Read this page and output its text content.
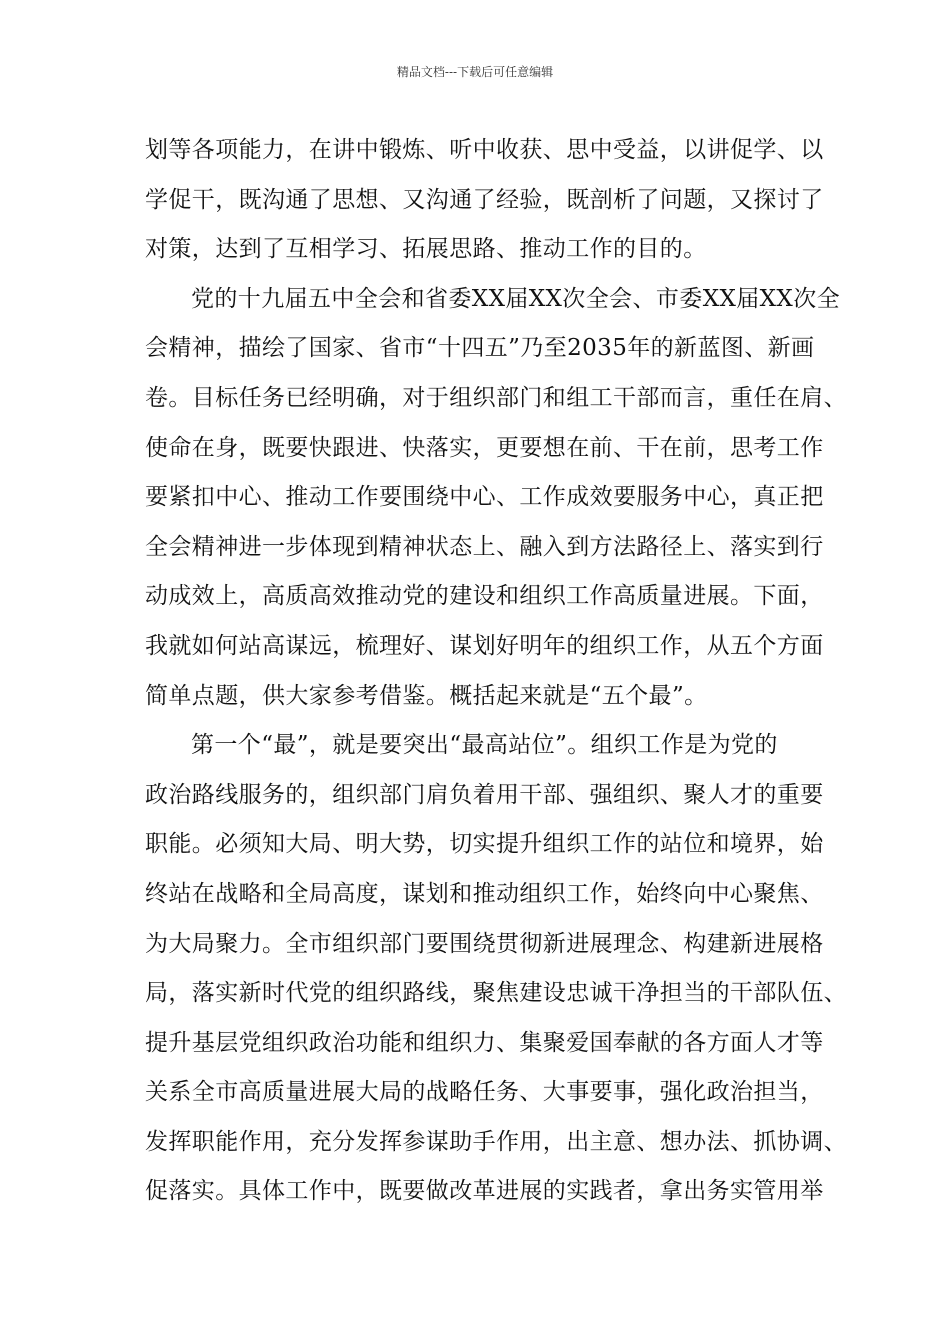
精品文档---下载后可任意编辑

划等各项能力，在讲中锻炼、听中收获、思中受益，以讲促学、以
学促干，既沟通了思想、又沟通了经验，既剖析了问题，又探讨了
对策，达到了互相学习、拓展思路、推动工作的目的。

党的十九届五中全会和省委XX届XX次全会、市委XX届XX次全
会精神，描绘了国家、省市“十四五”乃至2035年的新蓝图、新画
卷。目标任务已经明确，对于组织部门和组工干部而言，重任在肩、
使命在身，既要快跟进、快落实，更要想在前、干在前，思考工作
要紧扣中心、推动工作要围绕中心、工作成效要服务中心，真正把
全会精神进一步体现到精神状态上、融入到方法路径上、落实到行
动成效上，高质高效推动党的建设和组织工作高质量进展。下面，
我就如何站高谋远，梳理好、谋划好明年的组织工作，从五个方面
简单点题，供大家参考借鉴。概括起来就是“五个最”。

第一个“最”，就是要突出“最高站位”。组织工作是为党的
政治路线服务的，组织部门肩负着用干部、强组织、聚人才的重要
职能。必须知大局、明大势，切实提升组织工作的站位和境界，始
终站在战略和全局高度，谋划和推动组织工作，始终向中心聚焦、
为大局聚力。全市组织部门要围绕贯彻新进展理念、构建新进展格
局，落实新时代党的组织路线，聚焦建设忠诚干净担当的干部队伍、
提升基层党组织政治功能和组织力、集聚爱国奉献的各方面人才等
关系全市高质量进展大局的战略任务、大事要事，强化政治担当，
发挥职能作用，充分发挥参谋助手作用，出主意、想办法、抓协调、
促落实。具体工作中，既要做改革进展的实践者，拿出务实管用举
